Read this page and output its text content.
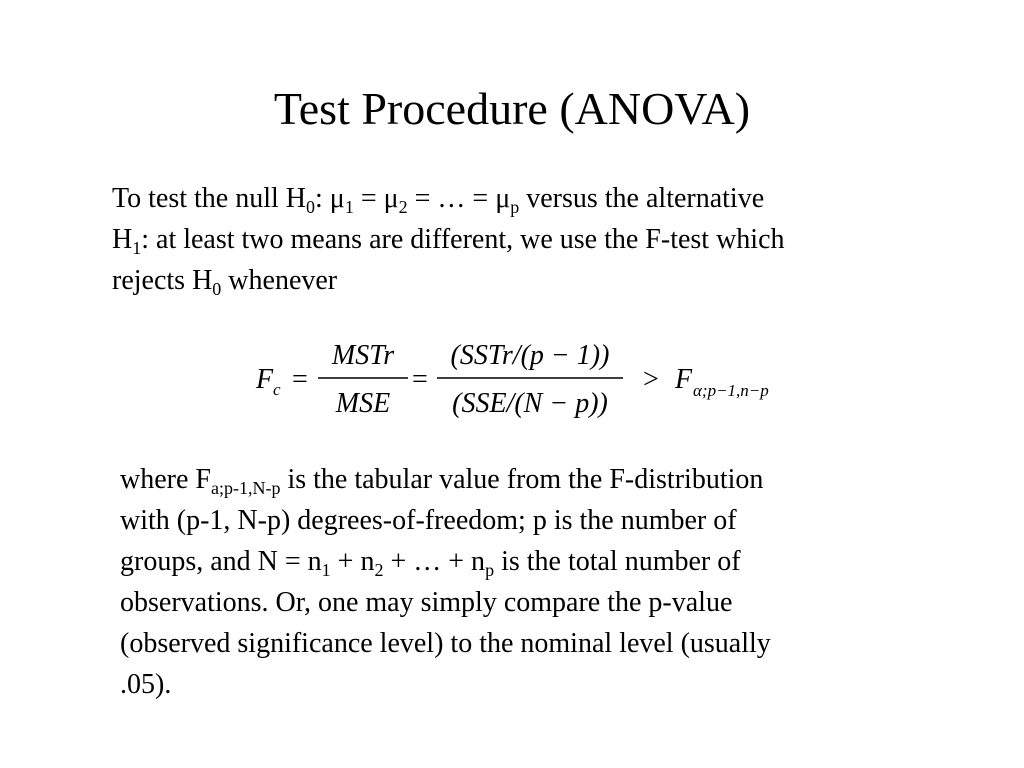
Test Procedure (ANOVA)
To test the null $H_0$: $\mu_1 = \mu_2$ = … = $\mu_p$ versus the alternative
$H_1$: at least two means are different, we use the F-test which
rejects $H_0$ whenever
F c =
MSTr
MSE
=
(SSTr/(p − 1))
(SSE/(N − p))
> F α;p−1,n−p
where $F_{a;p-1,N-p}$ is the tabular value from the F-distribution
with (p-1, N-p) degrees-of-freedom; p is the number of
groups, and $N = n_1 + n_2$ + … + $n_p$ is the total number of
observations. Or, one may simply compare the p-value
(observed significance level) to the nominal level (usually
.05).
